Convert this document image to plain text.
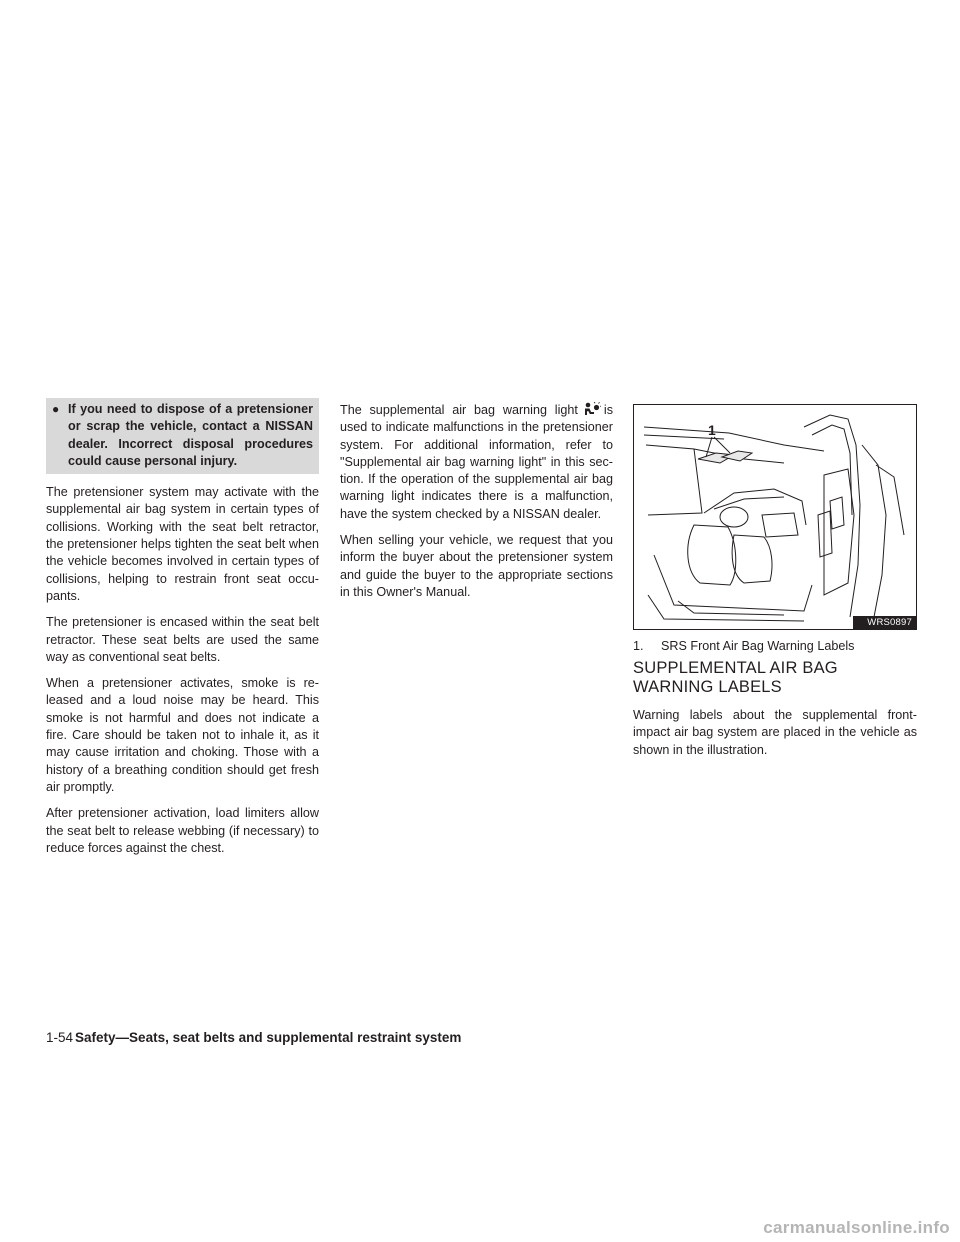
● If you need to dispose of a pretensioner or scrap the vehicle, contact a NISSAN dealer. Incorrect disposal procedures could cause personal injury.

The pretensioner system may activate with the supplemental air bag system in certain types of collisions. Working with the seat belt retractor, the pretensioner helps tighten the seat belt when the vehicle becomes involved in certain types of collisions, helping to restrain front seat occu-pants.

The pretensioner is encased within the seat belt retractor. These seat belts are used the same way as conventional seat belts.

When a pretensioner activates, smoke is re-leased and a loud noise may be heard. This smoke is not harmful and does not indicate a fire. Care should be taken not to inhale it, as it may cause irritation and choking. Those with a history of a breathing condition should get fresh air promptly.

After pretensioner activation, load limiters allow the seat belt to release webbing (if necessary) to reduce forces against the chest.

The supplemental air bag warning light is used to indicate malfunctions in the pretensioner system. For additional information, refer to "Supplemental air bag warning light" in this sec-tion. If the operation of the supplemental air bag warning light indicates there is a malfunction, have the system checked by a NISSAN dealer.

When selling your vehicle, we request that you inform the buyer about the pretensioner system and guide the buyer to the appropriate sections in this Owner's Manual.

1
WRS0897
1.	SRS Front Air Bag Warning Labels
SUPPLEMENTAL AIR BAG WARNING LABELS

Warning labels about the supplemental front-impact air bag system are placed in the vehicle as shown in the illustration.

1-54 Safety—Seats, seat belts and supplemental restraint system
carmanualsonline.info
